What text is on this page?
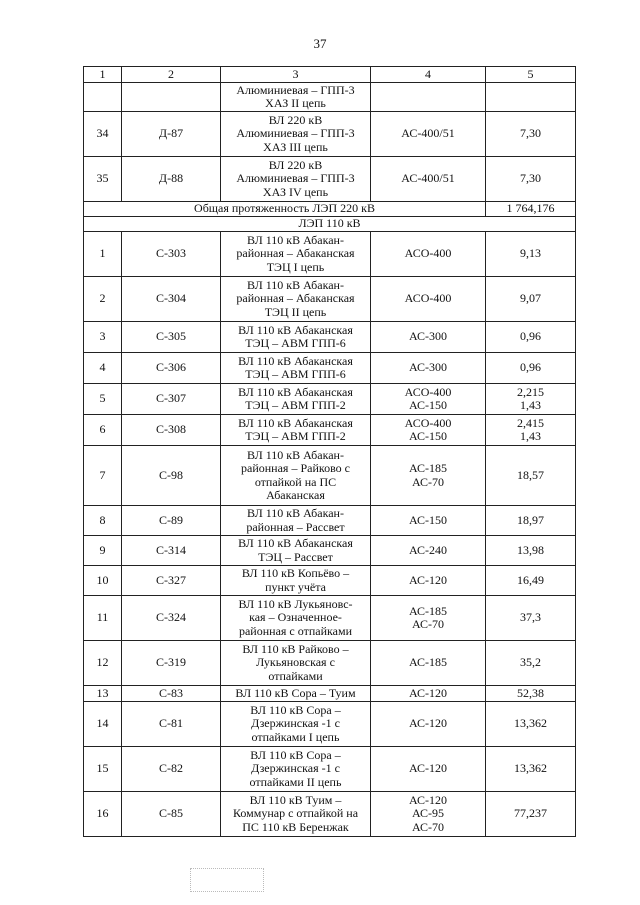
37
1	2	3	4	5
		Алюминиевая – ГПП-3
ХАЗ II цепь		
34	Д-87	ВЛ 220 кВ
Алюминиевая – ГПП-3
ХАЗ III цепь	АС-400/51	7,30
35	Д-88	ВЛ 220 кВ
Алюминиевая – ГПП-3
ХАЗ IV цепь	АС-400/51	7,30
Общая протяженность ЛЭП 220 кВ				1 764,176
ЛЭП 110 кВ				
1	С-303	ВЛ 110 кВ Абакан-
районная – Абаканская
ТЭЦ I цепь	АСО-400	9,13
2	С-304	ВЛ 110 кВ Абакан-
районная – Абаканская
ТЭЦ II цепь	АСО-400	9,07
3	С-305	ВЛ 110 кВ Абаканская
ТЭЦ – АВМ ГПП-6	АС-300	0,96
4	С-306	ВЛ 110 кВ Абаканская
ТЭЦ – АВМ ГПП-6	АС-300	0,96
5	С-307	ВЛ 110 кВ Абаканская
ТЭЦ – АВМ ГПП-2	АСО-400
АС-150	2,215
1,43
6	С-308	ВЛ 110 кВ Абаканская
ТЭЦ – АВМ ГПП-2	АСО-400
АС-150	2,415
1,43
7	С-98	ВЛ 110 кВ Абакан-
районная – Райково с
отпайкой на ПС
Абаканская	АС-185
АС-70	18,57
8	С-89	ВЛ 110 кВ Абакан-
районная – Рассвет	АС-150	18,97
9	С-314	ВЛ 110 кВ Абаканская
ТЭЦ – Рассвет	АС-240	13,98
10	С-327	ВЛ 110 кВ Копьёво –
пункт учёта	АС-120	16,49
11	С-324	ВЛ 110 кВ Лукьяновс-
кая – Означенное-
районная с отпайками	АС-185
АС-70	37,3
12	С-319	ВЛ 110 кВ Райково –
Лукьяновская с
отпайками	АС-185	35,2
13	С-83	ВЛ 110 кВ Сора – Туим	АС-120	52,38
14	С-81	ВЛ 110 кВ Сора –
Дзержинская -1 с
отпайками I цепь	АС-120	13,362
15	С-82	ВЛ 110 кВ Сора –
Дзержинская -1 с
отпайками II цепь	АС-120	13,362
16	С-85	ВЛ 110 кВ Туим –
Коммунар с отпайкой на
ПС 110 кВ Беренжак	АС-120
АС-95
АС-70	77,237
